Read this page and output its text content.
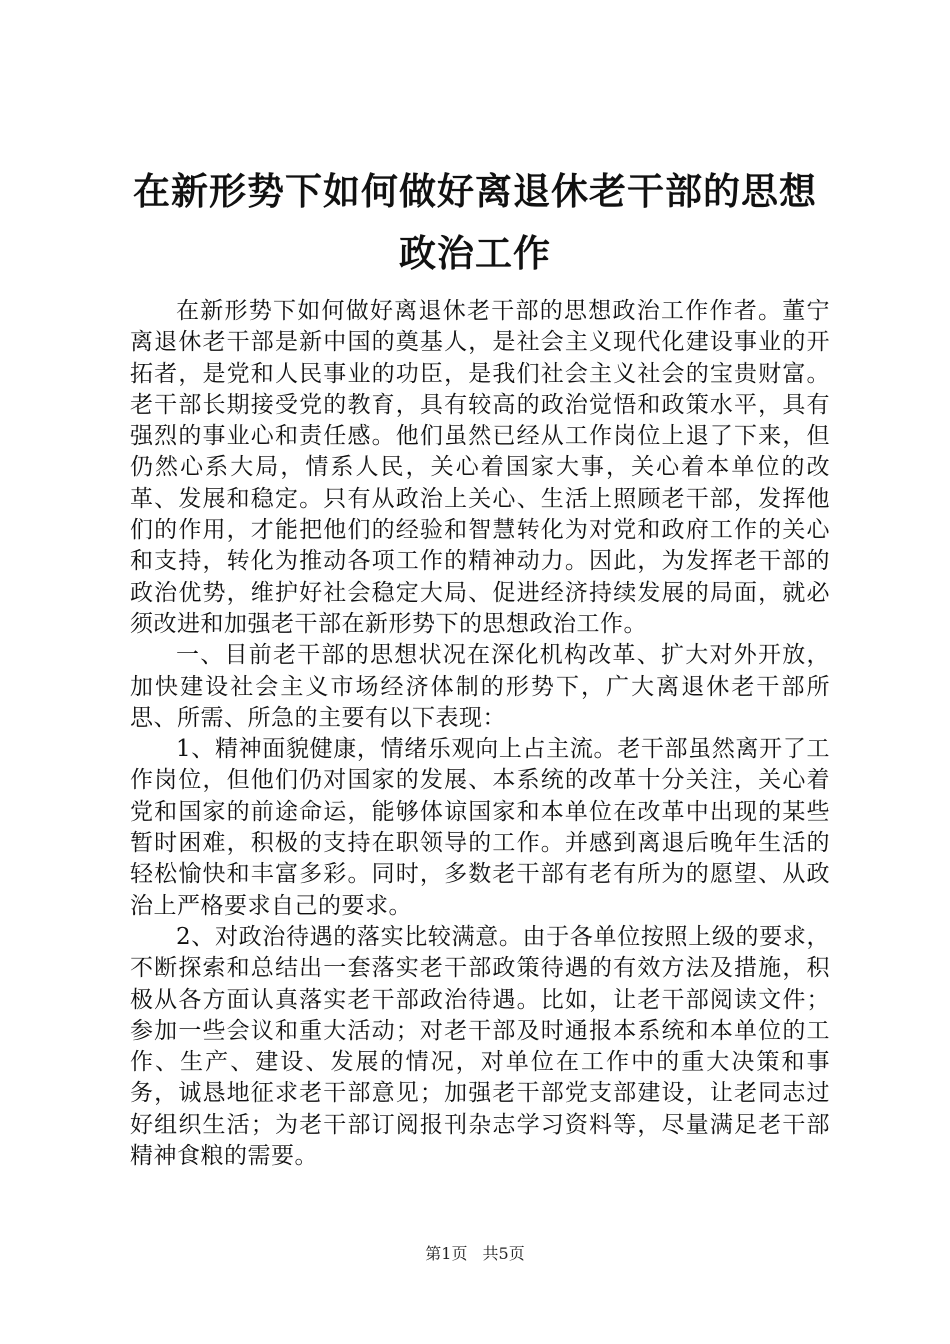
在新形势下如何做好离退休老干部的思想政治工作

在新形势下如何做好离退休老干部的思想政治工作作者。董宁离退休老干部是新中国的奠基人，是社会主义现代化建设事业的开拓者，是党和人民事业的功臣，是我们社会主义社会的宝贵财富。老干部长期接受党的教育，具有较高的政治觉悟和政策水平，具有强烈的事业心和责任感。他们虽然已经从工作岗位上退了下来，但仍然心系大局，情系人民，关心着国家大事，关心着本单位的改革、发展和稳定。只有从政治上关心、生活上照顾老干部，发挥他们的作用，才能把他们的经验和智慧转化为对党和政府工作的关心和支持，转化为推动各项工作的精神动力。因此，为发挥老干部的政治优势，维护好社会稳定大局、促进经济持续发展的局面，就必须改进和加强老干部在新形势下的思想政治工作。

一、目前老干部的思想状况在深化机构改革、扩大对外开放，加快建设社会主义市场经济体制的形势下，广大离退休老干部所思、所需、所急的主要有以下表现：

1、精神面貌健康，情绪乐观向上占主流。老干部虽然离开了工作岗位，但他们仍对国家的发展、本系统的改革十分关注，关心着党和国家的前途命运，能够体谅国家和本单位在改革中出现的某些暂时困难，积极的支持在职领导的工作。并感到离退后晚年生活的轻松愉快和丰富多彩。同时，多数老干部有老有所为的愿望、从政治上严格要求自己的要求。

2、对政治待遇的落实比较满意。由于各单位按照上级的要求，不断探索和总结出一套落实老干部政策待遇的有效方法及措施，积极从各方面认真落实老干部政治待遇。比如，让老干部阅读文件；参加一些会议和重大活动；对老干部及时通报本系统和本单位的工作、生产、建设、发展的情况，对单位在工作中的重大决策和事务，诚恳地征求老干部意见；加强老干部党支部建设，让老同志过好组织生活；为老干部订阅报刊杂志学习资料等，尽量满足老干部精神食粮的需要。

第1页 共5页
